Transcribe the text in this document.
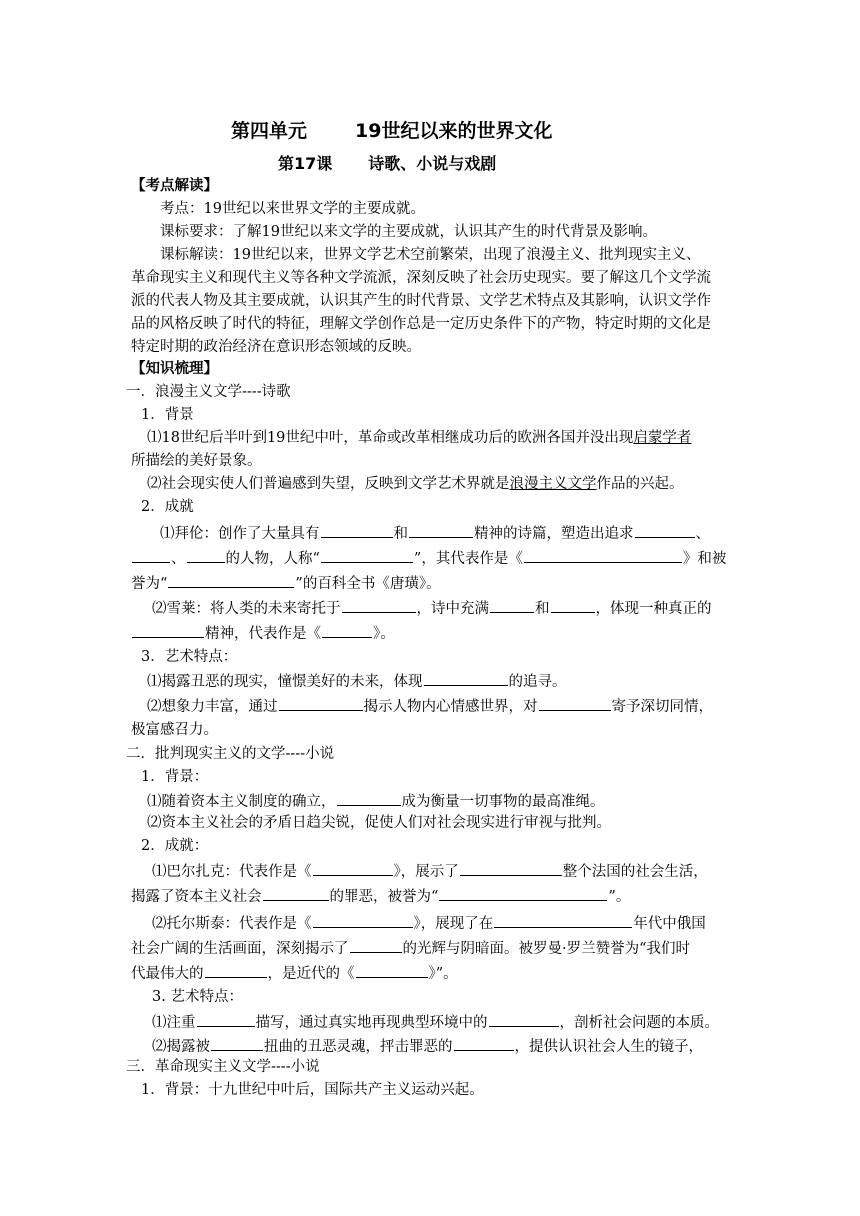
第四单元	19世纪以来的世界文化
第17课 诗歌、小说与戏剧
【考点解读】
考点：19世纪以来世界文学的主要成就。
课标要求：了解19世纪以来文学的主要成就，认识其产生的时代背景及影响。
课标解读：19世纪以来，世界文学艺术空前繁荣，出现了浪漫主义、批判现实主义、
革命现实主义和现代主义等各种文学流派，深刻反映了社会历史现实。要了解这几个文学流
派的代表人物及其主要成就，认识其产生的时代背景、文学艺术特点及其影响，认识文学作
品的风格反映了时代的特征，理解文学创作总是一定历史条件下的产物，特定时期的文化是
特定时期的政治经济在意识形态领域的反映。
【知识梳理】
一．浪漫主义文学----诗歌
1．背景
⑴18世纪后半叶到19世纪中叶，革命或改革相继成功后的欧洲各国并没出现启蒙学者
所描绘的美好景象。
⑵社会现实使人们普遍感到失望，反映到文学艺术界就是浪漫主义文学作品的兴起。
2．成就
⑴拜伦：创作了大量具有	和	精神的诗篇，塑造出追求	、
、	的人物，人称“	”，其代表作是《	》和被
誉为“	”的百科全书《唐璜》。
⑵雪莱：将人类的未来寄托于	，诗中充满	和	，体现一种真正的
精神，代表作是《	》。
3．艺术特点：
⑴揭露丑恶的现实，憧憬美好的未来，体现	的追寻。
⑵想象力丰富，通过	揭示人物内心情感世界，对	寄予深切同情，
极富感召力。
二．批判现实主义的文学----小说
1．背景：
⑴随着资本主义制度的确立，	成为衡量一切事物的最高准绳。
⑵资本主义社会的矛盾日趋尖锐，促使人们对社会现实进行审视与批判。
2．成就：
⑴巴尔扎克：代表作是《	》，展示了	整个法国的社会生活，
揭露了资本主义社会	的罪恶，被誉为“	”。
⑵托尔斯泰：代表作是《	》，展现了在	年代中俄国
社会广阔的生活画面，深刻揭示了	的光辉与阴暗面。被罗曼·罗兰赞誉为“我们时
代最伟大的	，是近代的《	》”。
3. 艺术特点：
⑴注重	描写，通过真实地再现典型环境中的	，剖析社会问题的本质。
⑵揭露被	扭曲的丑恶灵魂，抨击罪恶的	，提供认识社会人生的镜子，
三．革命现实主义文学----小说
1．背景：十九世纪中叶后，国际共产主义运动兴起。
